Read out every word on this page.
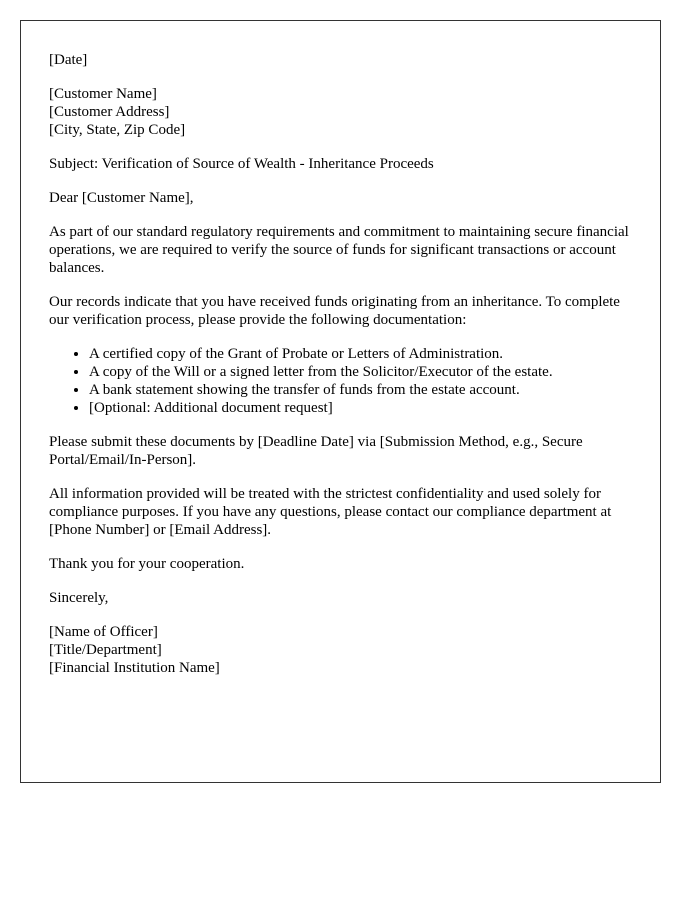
[Date]

[Customer Name]
[Customer Address]
[City, State, Zip Code]

Subject: Verification of Source of Wealth - Inheritance Proceeds

Dear [Customer Name],

As part of our standard regulatory requirements and commitment to maintaining secure financial operations, we are required to verify the source of funds for significant transactions or account balances.

Our records indicate that you have received funds originating from an inheritance. To complete our verification process, please provide the following documentation:

• A certified copy of the Grant of Probate or Letters of Administration.
• A copy of the Will or a signed letter from the Solicitor/Executor of the estate.
• A bank statement showing the transfer of funds from the estate account.
• [Optional: Additional document request]

Please submit these documents by [Deadline Date] via [Submission Method, e.g., Secure Portal/Email/In-Person].

All information provided will be treated with the strictest confidentiality and used solely for compliance purposes. If you have any questions, please contact our compliance department at [Phone Number] or [Email Address].

Thank you for your cooperation.

Sincerely,

[Name of Officer]
[Title/Department]
[Financial Institution Name]
